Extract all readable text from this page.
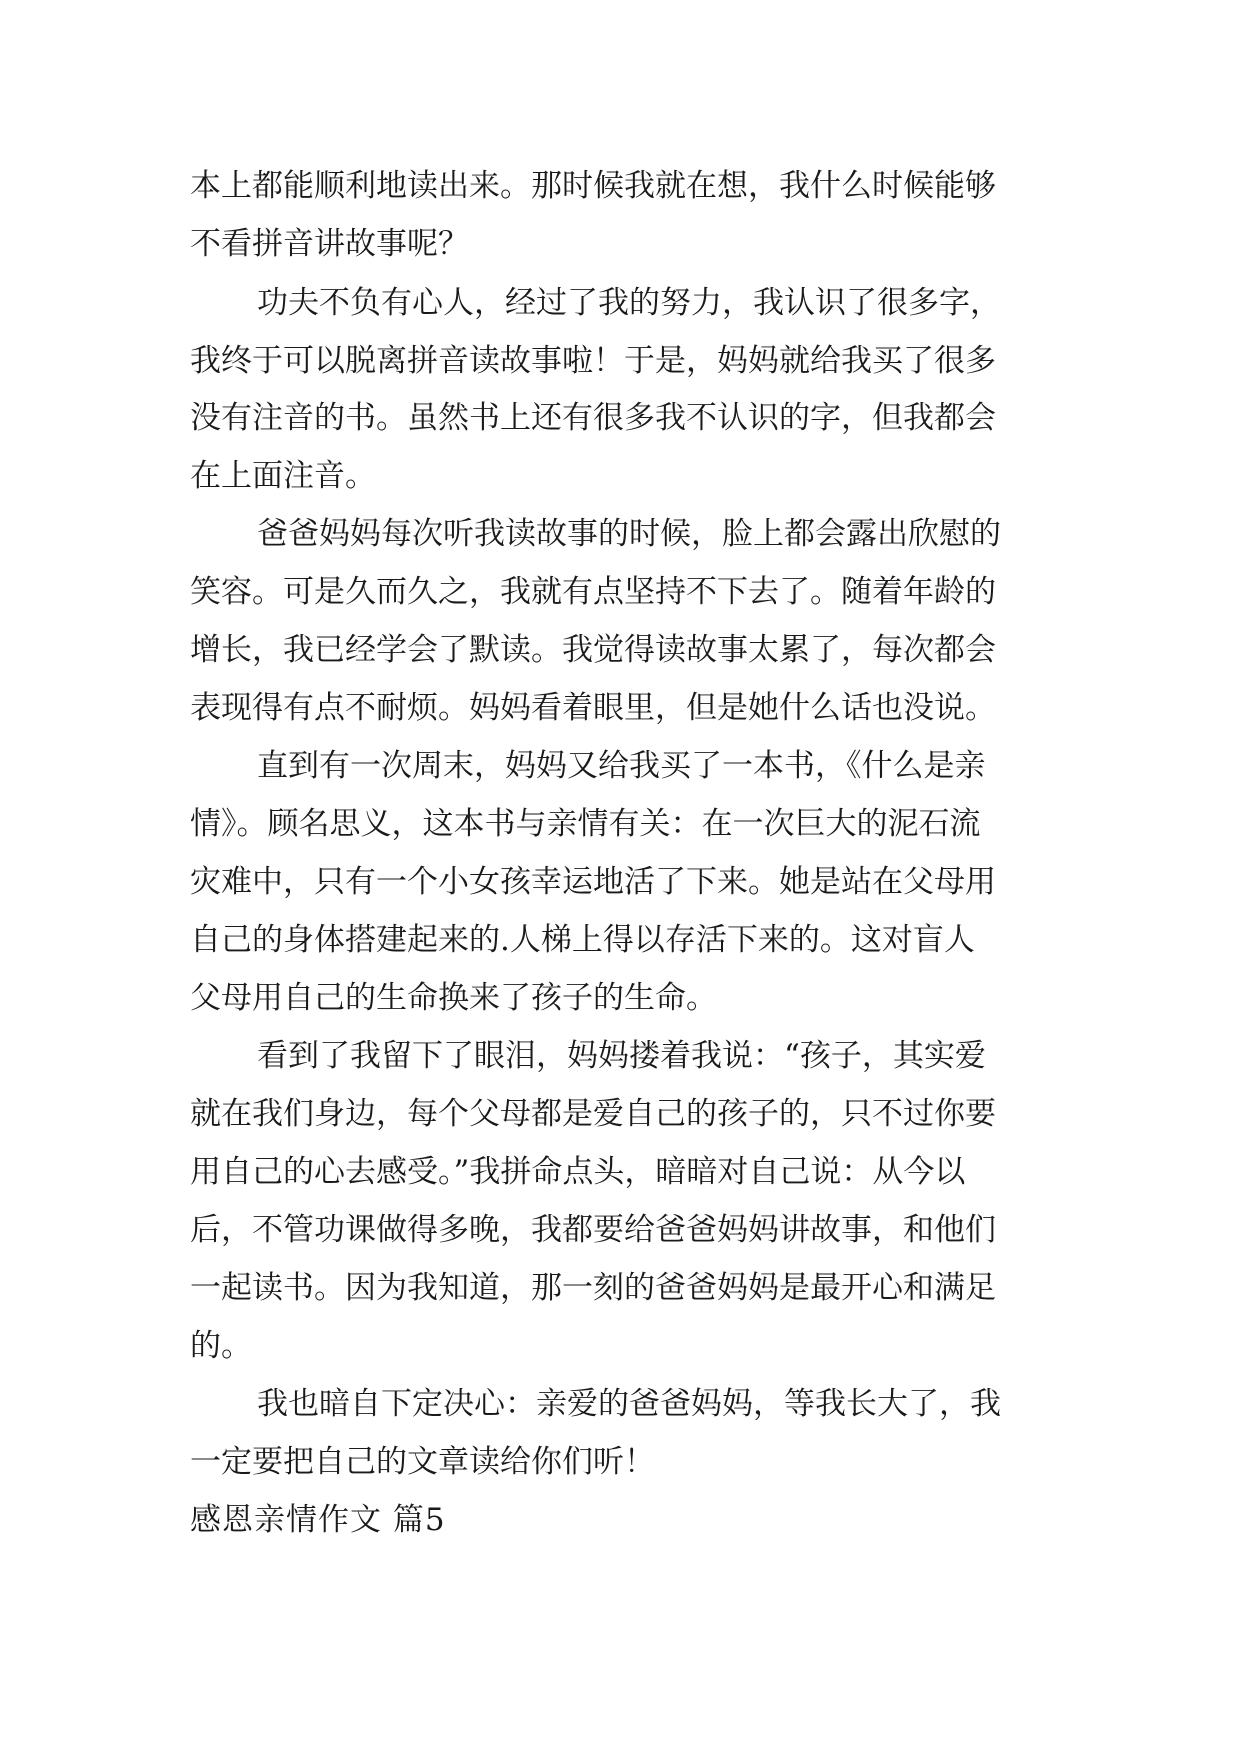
本上都能顺利地读出来。那时候我就在想，我什么时候能够
不看拼音讲故事呢？
功夫不负有心人，经过了我的努力，我认识了很多字，
我终于可以脱离拼音读故事啦！于是，妈妈就给我买了很多
没有注音的书。虽然书上还有很多我不认识的字，但我都会
在上面注音。
爸爸妈妈每次听我读故事的时候，脸上都会露出欣慰的
笑容。可是久而久之，我就有点坚持不下去了。随着年龄的
增长，我已经学会了默读。我觉得读故事太累了，每次都会
表现得有点不耐烦。妈妈看着眼里，但是她什么话也没说。
直到有一次周末，妈妈又给我买了一本书，《什么是亲
情》。顾名思义，这本书与亲情有关：在一次巨大的泥石流
灾难中，只有一个小女孩幸运地活了下来。她是站在父母用
自己的身体搭建起来的.人梯上得以存活下来的。这对盲人
父母用自己的生命换来了孩子的生命。
看到了我留下了眼泪，妈妈搂着我说：“孩子，其实爱
就在我们身边，每个父母都是爱自己的孩子的，只不过你要
用自己的心去感受。”我拼命点头，暗暗对自己说：从今以
后，不管功课做得多晚，我都要给爸爸妈妈讲故事，和他们
一起读书。因为我知道，那一刻的爸爸妈妈是最开心和满足
的。
我也暗自下定决心：亲爱的爸爸妈妈，等我长大了，我
一定要把自己的文章读给你们听！
感恩亲情作文 篇5
